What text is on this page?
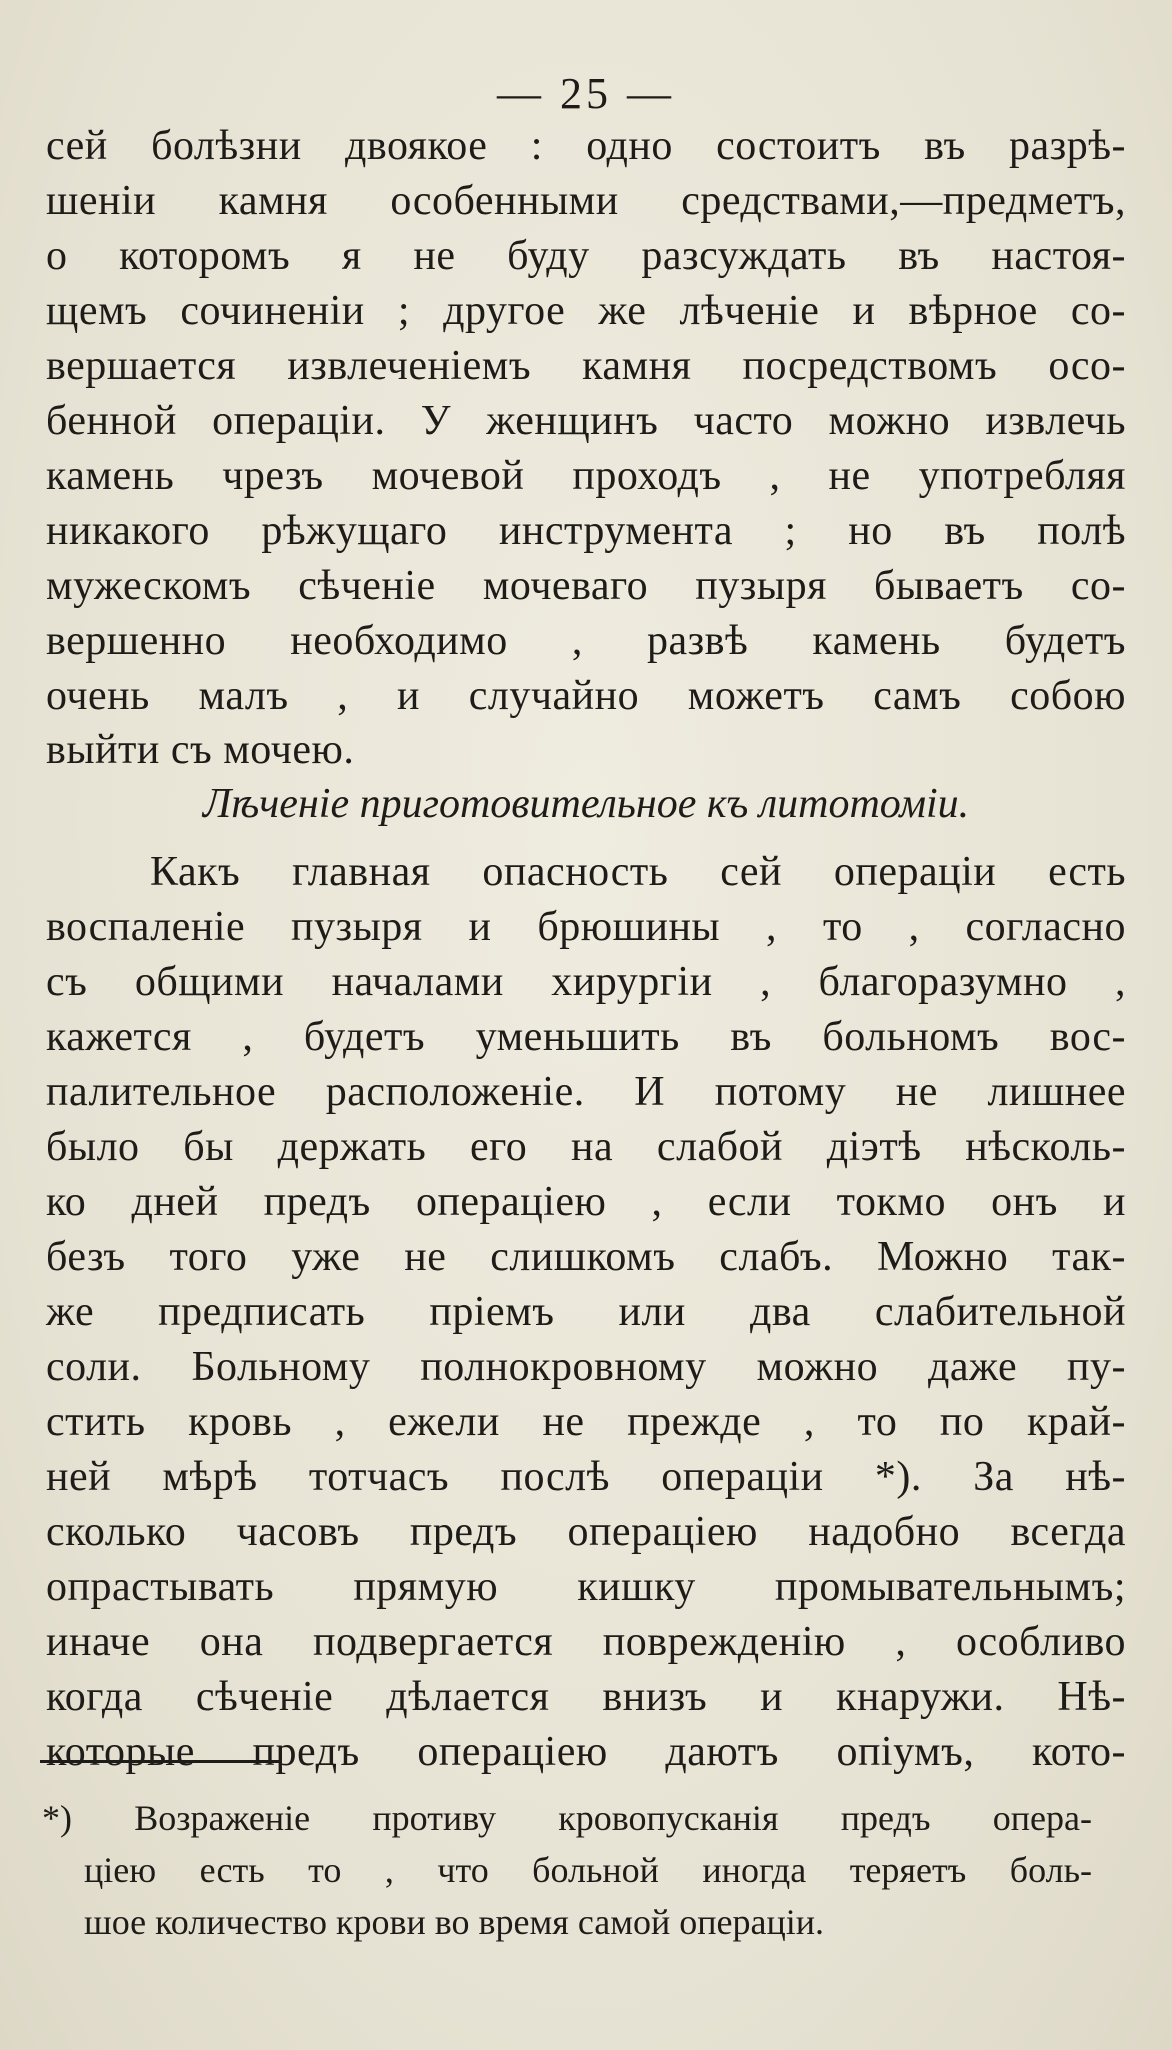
— 25 —
сей болѣзни двоякое : одно состоитъ въ разрѣ-
шеніи камня особенными средствами,—предметъ,
о которомъ я не буду разсуждать въ настоя-
щемъ сочиненіи ; другое же лѣченіе и вѣрное со-
вершается извлеченіемъ камня посредствомъ осо-
бенной операціи. У женщинъ часто можно извлечь
камень чрезъ мочевой проходъ , не употребляя
никакого рѣжущаго инструмента ; но въ полѣ
мужескомъ сѣченіе мочеваго пузыря бываетъ со-
вершенно необходимо , развѣ камень будетъ
очень малъ , и случайно можетъ самъ собою
выйти съ мочею.
Лѣченіе приготовительное къ литотоміи.
Какъ главная опасность сей операціи есть
воспаленіе пузыря и брюшины , то , согласно
съ общими началами хирургіи , благоразумно ,
кажется , будетъ уменьшить въ больномъ вос-
палительное расположеніе. И потому не лишнее
было бы держать его на слабой діэтѣ нѣсколь-
ко дней предъ операціею , если токмо онъ и
безъ того уже не слишкомъ слабъ. Можно так-
же предписать пріемъ или два слабительной
соли. Больному полнокровному можно даже пу-
стить кровь , ежели не прежде , то по край-
ней мѣрѣ тотчасъ послѣ операціи *). За нѣ-
сколько часовъ предъ операціею надобно всегда
опрастывать прямую кишку промывательнымъ;
иначе она подвергается поврежденію , особливо
когда сѣченіе дѣлается внизъ и кнаружи. Нѣ-
которые предъ операціею даютъ опіумъ, кото-
*) Возраженіе противу кровопусканія предъ опера-
ціею есть то , что больной иногда теряетъ боль-
шое количество крови во время самой операціи.
